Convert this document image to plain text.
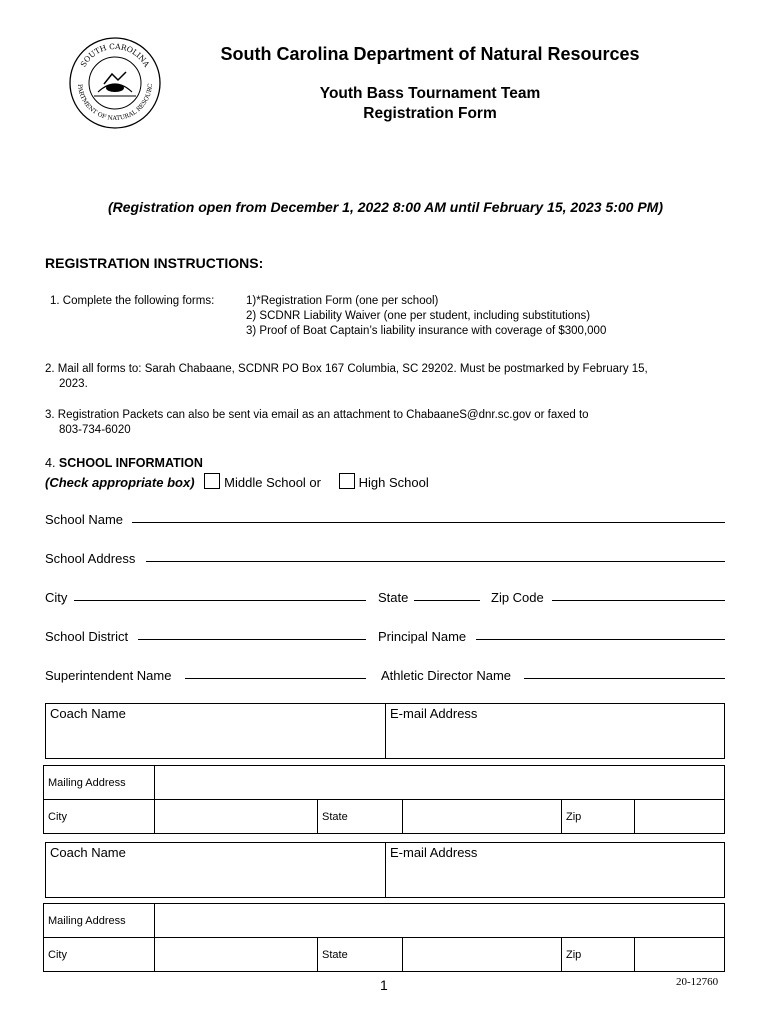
SOUTH CAROLINA
PARTMENT OF NATURAL RESOURC
South Carolina Department of Natural Resources
Youth Bass Tournament Team
Registration Form
(Registration open from December 1, 2022 8:00 AM until February 15, 2023 5:00 PM)
REGISTRATION INSTRUCTIONS:
1. Complete the following forms:	1)*Registration Form (one per school)
2) SCDNR Liability Waiver (one per student, including substitutions)
3) Proof of Boat Captain’s liability insurance with coverage of $300,000
2. Mail all forms to: Sarah Chabaane, SCDNR PO Box 167 Columbia, SC 29202. Must be postmarked by February 15,
2023.
3. Registration Packets can also be sent via email as an attachment to ChabaaneS@dnr.sc.gov or faxed to
803-734-6020
4. SCHOOL INFORMATION
(Check appropriate box) Middle School or	High School
School Name
School Address
City	State	Zip Code
School District	Principal Name
Superintendent Name	Athletic Director Name
Coach Name	E-mail Address

Mailing Address					
City		State		Zip	
Coach Name	E-mail Address

Mailing Address					
City		State		Zip	
1	20-12760
